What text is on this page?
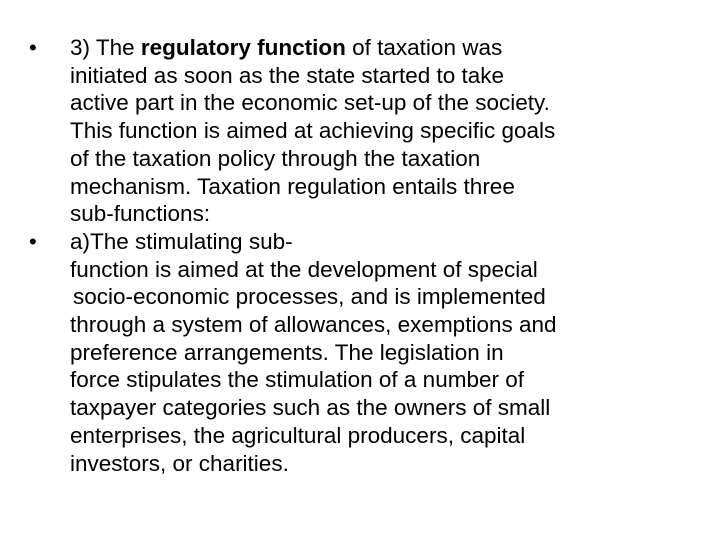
• 3) The regulatory function of taxation was
initiated as soon as the state started to take
active part in the economic set-up of the society.
This function is aimed at achieving specific goals
of the taxation policy through the taxation
mechanism. Taxation regulation entails three
sub-functions:
• a)The stimulating sub-
function is aimed at the development of special
socio-economic processes, and is implemented
through a system of allowances, exemptions and
preference arrangements. The legislation in
force stipulates the stimulation of a number of
taxpayer categories such as the owners of small
enterprises, the agricultural producers, capital
investors, or charities.
